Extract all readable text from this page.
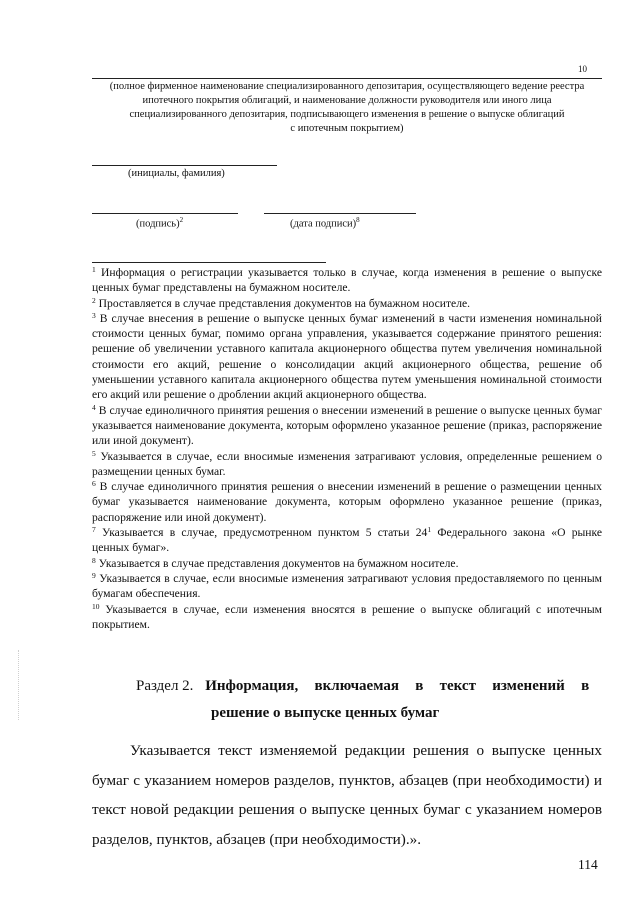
10
(полное фирменное наименование специализированного депозитария, осуществляющего ведение реестра
ипотечного покрытия облигаций, и наименование должности руководителя или иного лица
специализированного депозитария, подписывающего изменения в решение о выпуске облигаций
с ипотечным покрытием)
(инициалы, фамилия)
(подпись)$^2$	(дата подписи)$^8$

$^1$ Информация о регистрации указывается только в случае, когда изменения в решение о выпуске ценных бумаг представлены на бумажном носителе.

$^2$ Проставляется в случае представления документов на бумажном носителе.

$^3$ В случае внесения в решение о выпуске ценных бумаг изменений в части изменения номинальной стоимости ценных бумаг, помимо органа управления, указывается содержание принятого решения: решение об увеличении уставного капитала акционерного общества путем увеличения номинальной стоимости его акций, решение о консолидации акций акционерного общества, решение об уменьшении уставного капитала акционерного общества путем уменьшения номинальной стоимости его акций или решение о дроблении акций акционерного общества.

$^4$ В случае единоличного принятия решения о внесении изменений в решение о выпуске ценных бумаг указывается наименование документа, которым оформлено указанное решение (приказ, распоряжение или иной документ).

$^5$ Указывается в случае, если вносимые изменения затрагивают условия, определенные решением о размещении ценных бумаг.

$^6$ В случае единоличного принятия решения о внесении изменений в решение о размещении ценных бумаг указывается наименование документа, которым оформлено указанное решение (приказ, распоряжение или иной документ).

$^7$ Указывается в случае, предусмотренном пунктом 5 статьи $24^1$ Федерального закона «О рынке ценных бумаг».

$^8$ Указывается в случае представления документов на бумажном носителе.

$^9$ Указывается в случае, если вносимые изменения затрагивают условия предоставляемого по ценным бумагам обеспечения.

$^{10}$ Указывается в случае, если изменения вносятся в решение о выпуске облигаций с ипотечным покрытием.

Раздел 2. Информация, включаемая в текст изменений в
решение о выпуске ценных бумаг

Указывается текст изменяемой редакции решения о выпуске ценных бумаг с указанием номеров разделов, пунктов, абзацев (при необходимости) и текст новой редакции решения о выпуске ценных бумаг с указанием номеров разделов, пунктов, абзацев (при необходимости).».

114
